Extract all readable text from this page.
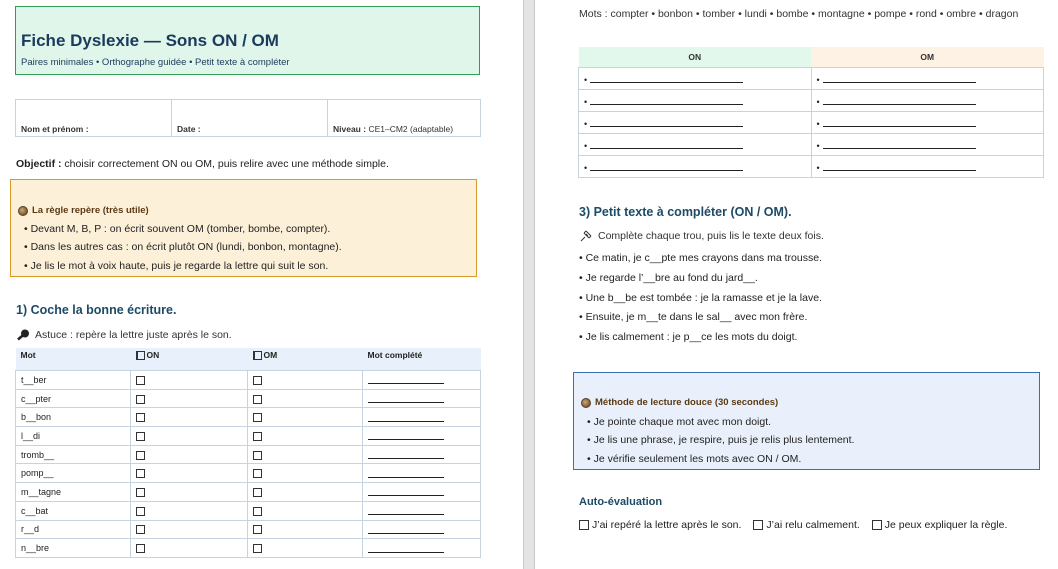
Fiche Dyslexie — Sons ON / OM
Paires minimales • Orthographe guidée • Petit texte à compléter
Nom et prénom :	Date :	Niveau : CE1–CM2 (adaptable)
Objectif : choisir correctement ON ou OM, puis relire avec une méthode simple.
La règle repère (très utile)
• Devant M, B, P : on écrit souvent OM (tomber, bombe, compter).
• Dans les autres cas : on écrit plutôt ON (lundi, bonbon, montagne).
• Je lis le mot à voix haute, puis je regarde la lettre qui suit le son.
1) Coche la bonne écriture.
Astuce : repère la lettre juste après le son.
Mot	ON	OM	Mot complété
t__ber			
c__pter			
b__bon			
l__di			
tromb__			
pomp__			
m__tagne			
c__bat			
r__d			
n__bre			
Mots : compter • bonbon • tomber • lundi • bombe • montagne • pompe • rond • ombre • dragon
ON	OM
•	•
•	•
•	•
•	•
•	•
3) Petit texte à compléter (ON / OM).
Complète chaque trou, puis lis le texte deux fois.
• Ce matin, je c__pte mes crayons dans ma trousse.
• Je regarde l’__bre au fond du jard__.
• Une b__be est tombée : je la ramasse et je la lave.
• Ensuite, je m__te dans le sal__ avec mon frère.
• Je lis calmement : je p__ce les mots du doigt.
Méthode de lecture douce (30 secondes)
• Je pointe chaque mot avec mon doigt.
• Je lis une phrase, je respire, puis je relis plus lentement.
• Je vérifie seulement les mots avec ON / OM.
Auto-évaluation
J’ai repéré la lettre après le son. J’ai relu calmement. Je peux expliquer la règle.
